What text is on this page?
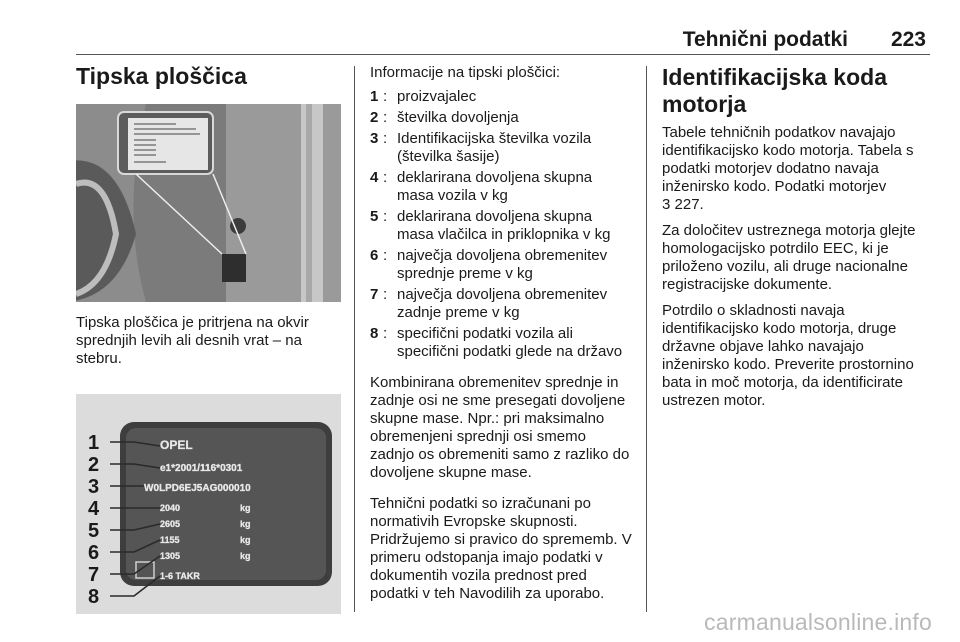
Tehnični podatki 223
Tipska ploščica

Tipska ploščica je pritrjena na okvir sprednjih levih ali desnih vrat – na stebru.

OPEL
e1*2001/116*0301
W0LPD6EJ5AG000010
2040
2605
1155
1305
kg
kg
kg
kg
1-6 TAKR
1
2
3
4
5
6
7
8

Informacije na tipski ploščici:

1 : proizvajalec
2 : številka dovoljenja
3 : Identifikacijska številka vozila (številka šasije)
4 : deklarirana dovoljena skupna masa vozila v kg
5 : deklarirana dovoljena skupna masa vlačilca in priklopnika v kg
6 : največja dovoljena obremenitev sprednje preme v kg
7 : največja dovoljena obremenitev zadnje preme v kg
8 : specifični podatki vozila ali specifični podatki glede na državo

Kombinirana obremenitev sprednje in zadnje osi ne sme presegati dovoljene skupne mase. Npr.: pri maksimalno obremenjeni sprednji osi smemo zadnjo os obremeniti samo z razliko do dovoljene skupne mase.

Tehnični podatki so izračunani po normativih Evropske skupnosti. Pridržujemo si pravico do sprememb. V primeru odstopanja imajo podatki v dokumentih vozila prednost pred podatki v teh Navodilih za uporabo.

Identifikacijska koda motorja

Tabele tehničnih podatkov navajajo identifikacijsko kodo motorja. Tabela s podatki motorjev dodatno navaja inženirsko kodo. Podatki motorjev
3 227.

Za določitev ustreznega motorja glejte homologacijsko potrdilo EEC, ki je priloženo vozilu, ali druge nacionalne registracijske dokumente.

Potrdilo o skladnosti navaja identifikacijsko kodo motorja, druge državne objave lahko navajajo inženirsko kodo. Preverite prostornino bata in moč motorja, da identificirate ustrezen motor.

carmanualsonline.info
